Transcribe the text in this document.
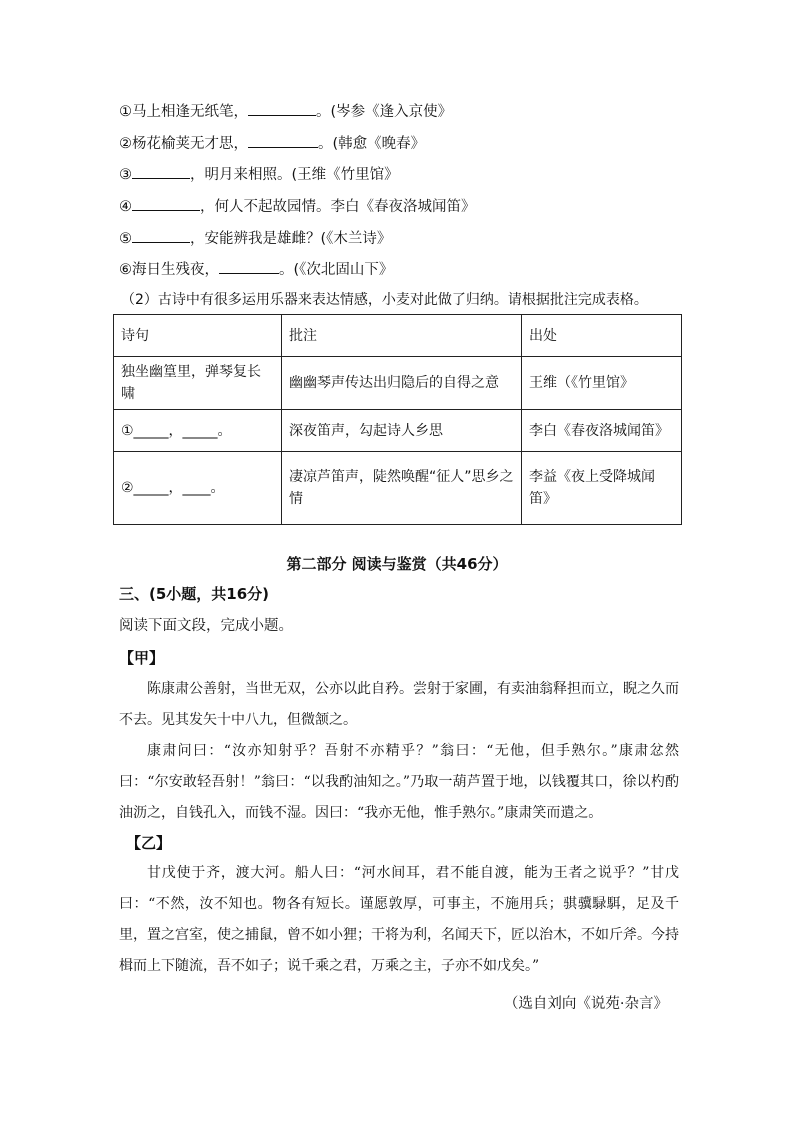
①马上相逢无纸笔，	。(岑参《逢入京使》
②杨花榆荚无才思，	。(韩愈《晚春》
③	，明月来相照。(王维《竹里馆》
④	，何人不起故园情。李白《春夜洛城闻笛》
⑤	，安能辨我是雄雌？(《木兰诗》
⑥海日生残夜，	。(《次北固山下》
（2）古诗中有很多运用乐器来表达情感，小麦对此做了归纳。请根据批注完成表格。
诗句	批注	出处
独坐幽篁里，弹琴复长啸	幽幽琴声传达出归隐后的自得之意	王维（《竹里馆》
①_____，_____。	深夜笛声，勾起诗人乡思	李白《春夜洛城闻笛》
②_____，____。	凄凉芦笛声，陡然唤醒“征人”思乡之情	李益《夜上受降城闻笛》
第二部分 阅读与鉴赏（共46分）
三、(5小题，共16分)
阅读下面文段，完成小题。
【甲】
陈康肃公善射，当世无双，公亦以此自矜。尝射于家圃，有卖油翁释担而立，睨之久而不去。见其发矢十中八九，但微颔之。
康肃问曰：“汝亦知射乎？吾射不亦精乎？”翁曰：“无他，但手熟尔。”康肃忿然曰：“尔安敢轻吾射！”翁曰：“以我酌油知之。”乃取一葫芦置于地，以钱覆其口，徐以杓酌油沥之，自钱孔入，而钱不湿。因曰：“我亦无他，惟手熟尔。”康肃笑而遣之。
【乙】
甘戊使于齐，渡大河。船人曰：“河水间耳，君不能自渡，能为王者之说乎？”甘戊曰：“不然，汝不知也。物各有短长。谨愿敦厚，可事主，不施用兵；骐骥騄駬，足及千里，置之宫室，使之捕鼠，曾不如小狸；干将为利，名闻天下，匠以治木，不如斤斧。今持楫而上下随流，吾不如子；说千乘之君，万乘之主，子亦不如戊矣。”
（选自刘向《说苑·杂言》
